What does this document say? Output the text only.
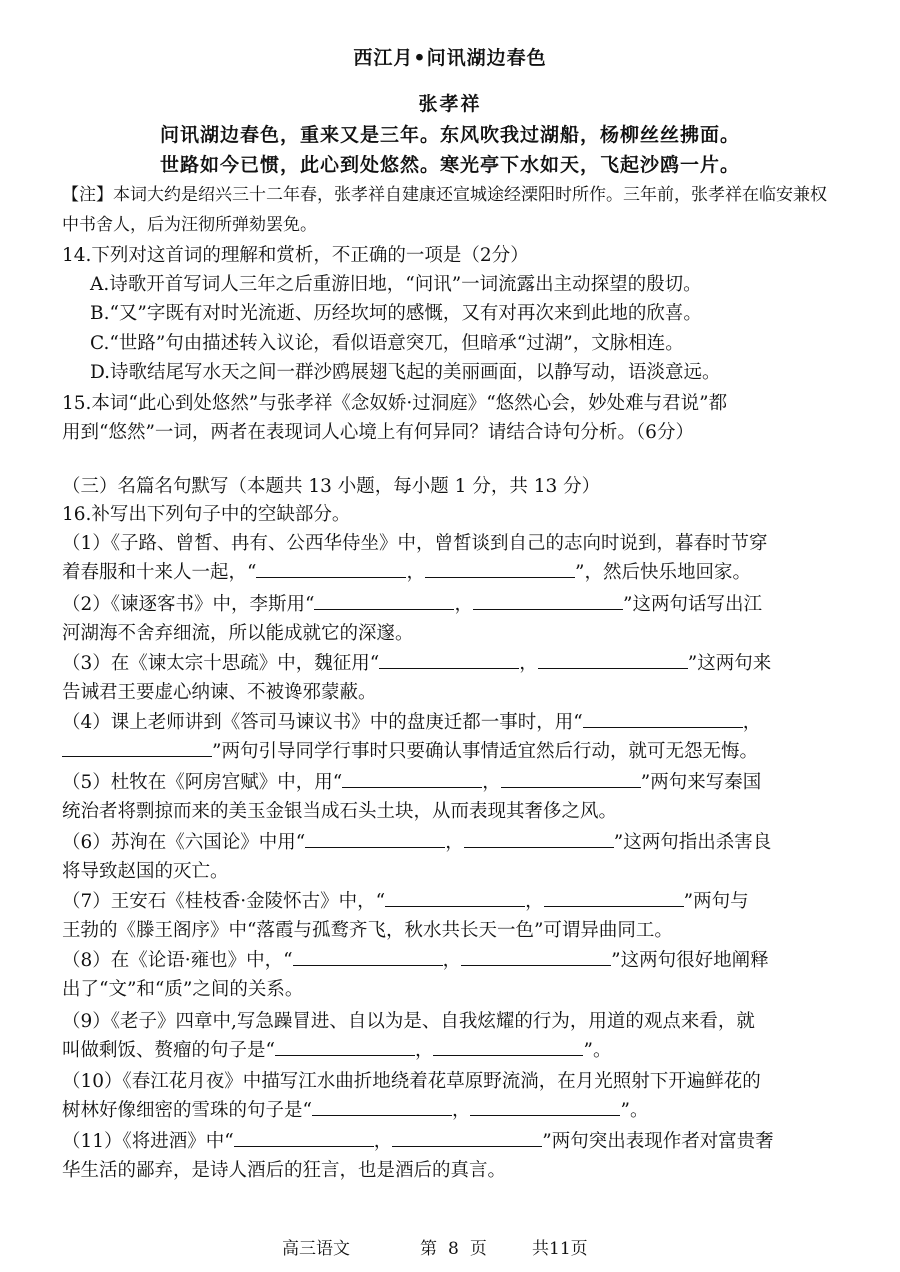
西江月•问讯湖边春色
张孝祥
问讯湖边春色，重来又是三年。东风吹我过湖船，杨柳丝丝拂面。
世路如今已惯，此心到处悠然。寒光亭下水如天，飞起沙鸥一片。
【注】本词大约是绍兴三十二年春，张孝祥自建康还宣城途经溧阳时所作。三年前，张孝祥在临安兼权
中书舍人，后为汪彻所弹劾罢免。
14.下列对这首词的理解和赏析，不正确的一项是（2分）
A.诗歌开首写词人三年之后重游旧地，“问讯”一词流露出主动探望的殷切。
B.“又”字既有对时光流逝、历经坎坷的感慨，又有对再次来到此地的欣喜。
C.“世路”句由描述转入议论，看似语意突兀，但暗承“过湖”，文脉相连。
D.诗歌结尾写水天之间一群沙鸥展翅飞起的美丽画面，以静写动，语淡意远。
15.本词“此心到处悠然”与张孝祥《念奴娇·过洞庭》“悠然心会，妙处难与君说”都
用到“悠然”一词，两者在表现词人心境上有何异同？请结合诗句分析。（6分）
（三）名篇名句默写（本题共 13 小题，每小题 1 分，共 13 分）
16.补写出下列句子中的空缺部分。
（1）《子路、曾皙、冉有、公西华侍坐》中，曾皙谈到自己的志向时说到，暮春时节穿
着春服和十来人一起，“	，	”，然后快乐地回家。
（2）《谏逐客书》中，李斯用“	，	”这两句话写出江
河湖海不舍弃细流，所以能成就它的深邃。
（3）在《谏太宗十思疏》中，魏征用“	，	”这两句来
告诫君王要虚心纳谏、不被谗邪蒙蔽。
（4）课上老师讲到《答司马谏议书》中的盘庚迁都一事时，用“	，
”两句引导同学行事时只要确认事情适宜然后行动，就可无怨无悔。
（5）杜牧在《阿房宫赋》中，用“	，	”两句来写秦国
统治者将剽掠而来的美玉金银当成石头土块，从而表现其奢侈之风。
（6）苏洵在《六国论》中用“	，	”这两句指出杀害良
将导致赵国的灭亡。
（7）王安石《桂枝香·金陵怀古》中，“	，	”两句与
王勃的《滕王阁序》中“落霞与孤鹜齐飞，秋水共长天一色”可谓异曲同工。
（8）在《论语·雍也》中，“	，	”这两句很好地阐释
出了“文”和“质”之间的关系。
（9）《老子》四章中,写急躁冒进、自以为是、自我炫耀的行为，用道的观点来看，就
叫做剩饭、赘瘤的句子是“	，	”。
（10）《春江花月夜》中描写江水曲折地绕着花草原野流淌，在月光照射下开遍鲜花的
树林好像细密的雪珠的句子是“	，	”。
（11）《将进酒》中“	，	”两句突出表现作者对富贵奢
华生活的鄙弃，是诗人酒后的狂言，也是酒后的真言。
高三语文	第 8 页	共11页
